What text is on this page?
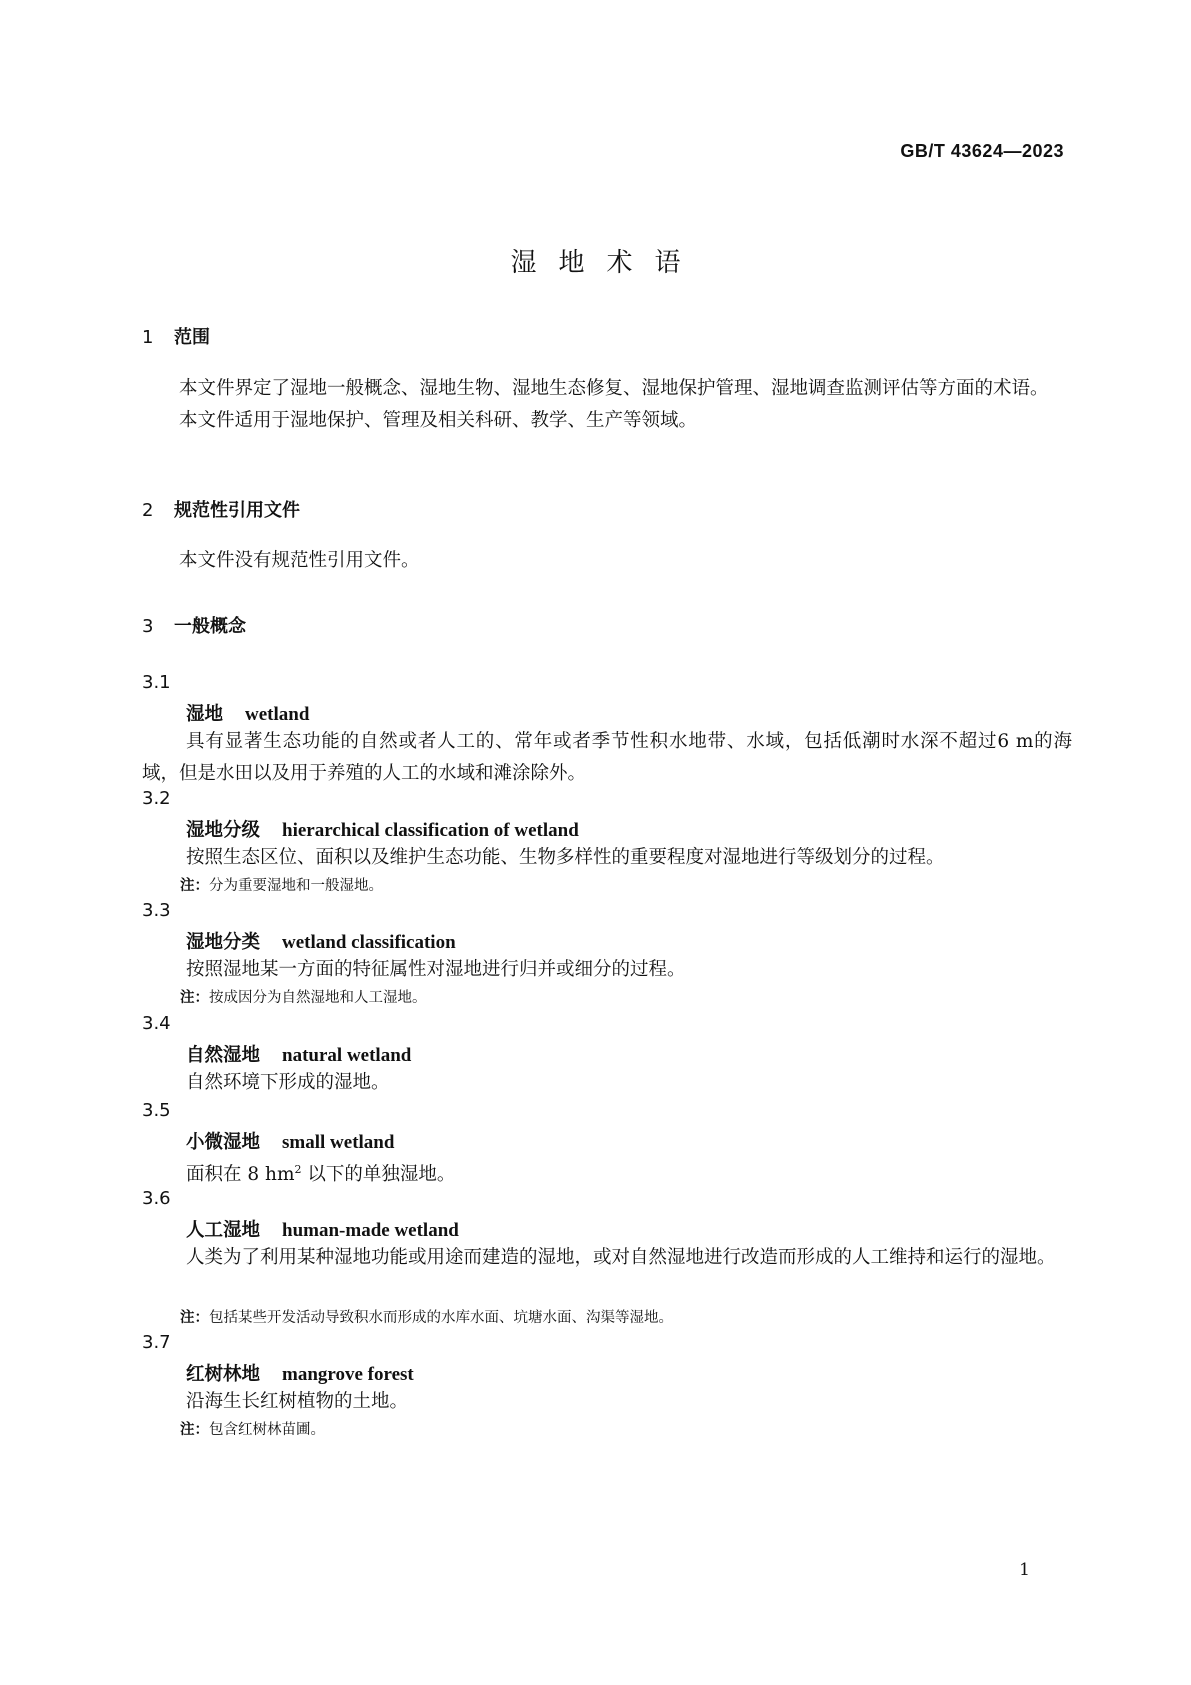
GB/T 43624—2023
湿地术语
1 范围

本文件界定了湿地一般概念、湿地生物、湿地生态修复、湿地保护管理、湿地调查监测评估等方面的术语。

本文件适用于湿地保护、管理及相关科研、教学、生产等领域。

2 规范性引用文件

本文件没有规范性引用文件。

3 一般概念
3.1
湿地 wetland

具有显著生态功能的自然或者人工的、常年或者季节性积水地带、水域，包括低潮时水深不超过6 m的海域，但是水田以及用于养殖的人工的水域和滩涂除外。

3.2
湿地分级 hierarchical classification of wetland

按照生态区位、面积以及维护生态功能、生物多样性的重要程度对湿地进行等级划分的过程。

注：分为重要湿地和一般湿地。
3.3
湿地分类 wetland classification

按照湿地某一方面的特征属性对湿地进行归并或细分的过程。

注：按成因分为自然湿地和人工湿地。
3.4
自然湿地 natural wetland

自然环境下形成的湿地。

3.5
小微湿地 small wetland

面积在 8 $hm^2$ 以下的单独湿地。

3.6
人工湿地 human-made wetland

人类为了利用某种湿地功能或用途而建造的湿地，或对自然湿地进行改造而形成的人工维持和运行的湿地。

注：包括某些开发活动导致积水而形成的水库水面、坑塘水面、沟渠等湿地。
3.7
红树林地 mangrove forest

沿海生长红树植物的土地。

注：包含红树林苗圃。
1
